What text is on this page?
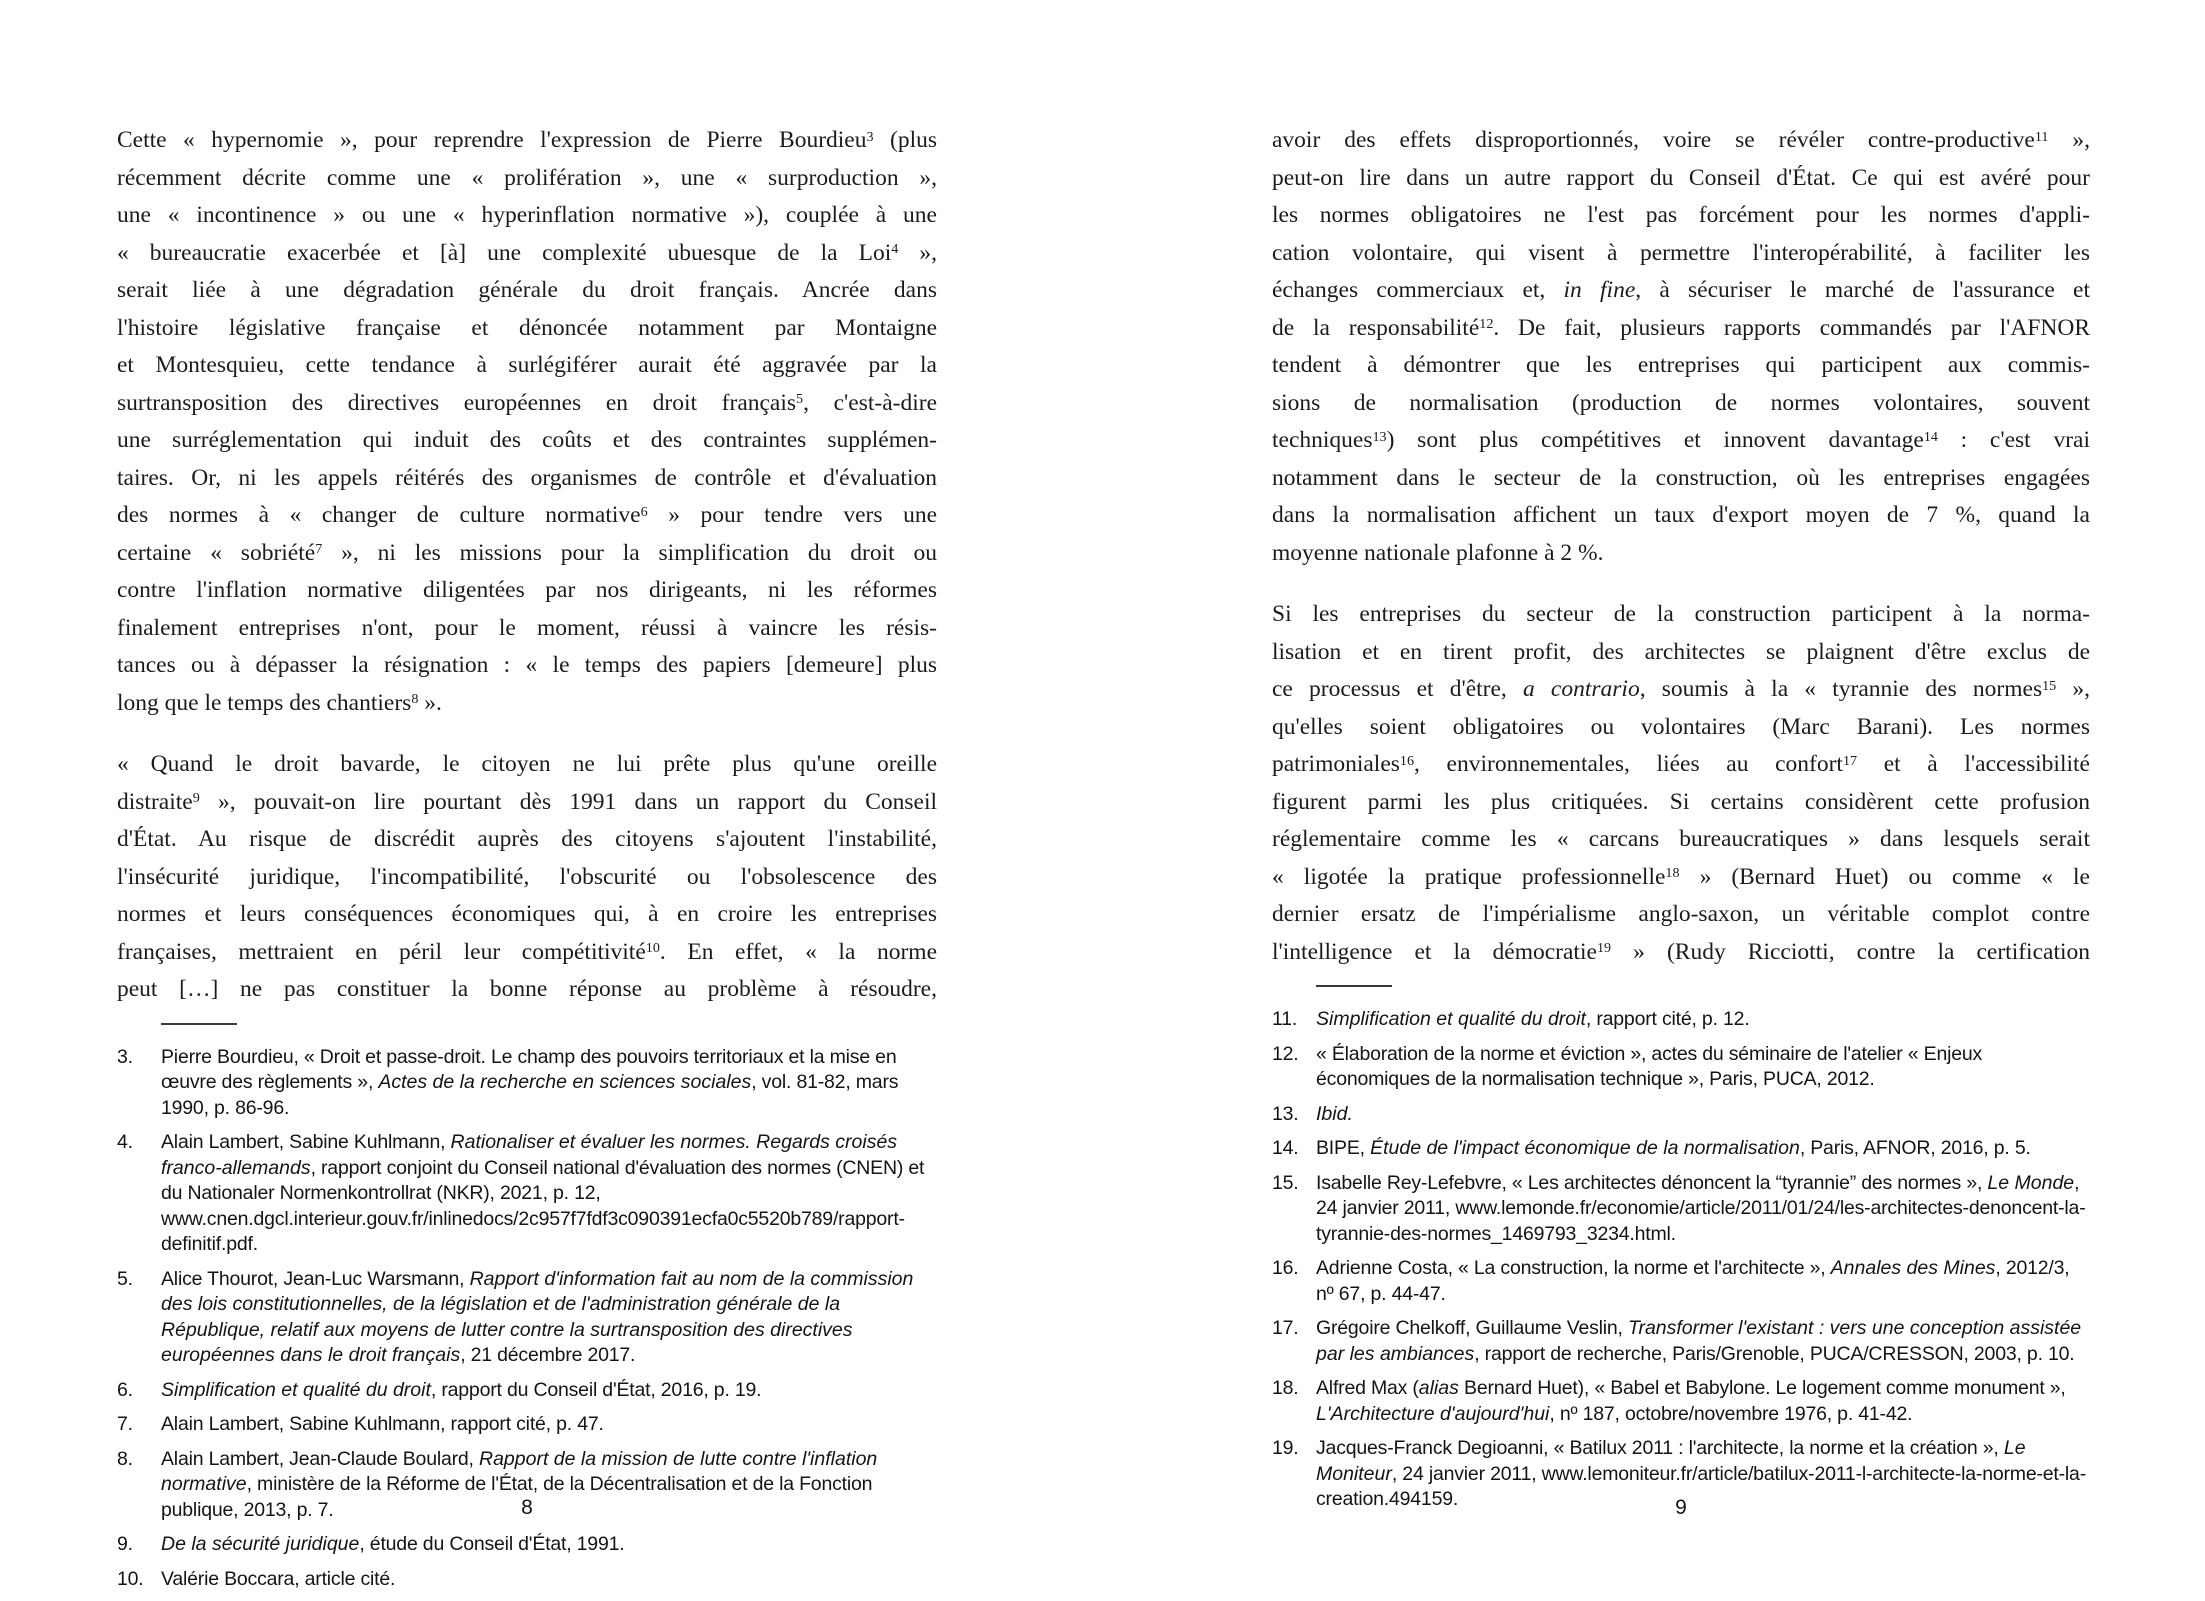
Cette « hypernomie », pour reprendre l'expression de Pierre Bourdieu$^3$ (plus
récemment décrite comme une « prolifération », une « surproduction »,
une « incontinence » ou une « hyperinflation normative »), couplée à une
« bureaucratie exacerbée et [à] une complexité ubuesque de la Loi$^4$ »,
serait liée à une dégradation générale du droit français. Ancrée dans
l'histoire législative française et dénoncée notamment par Montaigne
et Montesquieu, cette tendance à surlégiférer aurait été aggravée par la
surtransposition des directives européennes en droit français$^5$, c'est-à-dire
une surréglementation qui induit des coûts et des contraintes supplémen-
taires. Or, ni les appels réitérés des organismes de contrôle et d'évaluation
des normes à « changer de culture normative$^6$ » pour tendre vers une
certaine « sobriété$^7$ », ni les missions pour la simplification du droit ou
contre l'inflation normative diligentées par nos dirigeants, ni les réformes
finalement entreprises n'ont, pour le moment, réussi à vaincre les résis-
tances ou à dépasser la résignation : « le temps des papiers [demeure] plus
long que le temps des chantiers$^8$ ».
« Quand le droit bavarde, le citoyen ne lui prête plus qu'une oreille
distraite$^9$ », pouvait-on lire pourtant dès 1991 dans un rapport du Conseil
d'État. Au risque de discrédit auprès des citoyens s'ajoutent l'instabilité,
l'insécurité juridique, l'incompatibilité, l'obscurité ou l'obsolescence des
normes et leurs conséquences économiques qui, à en croire les entreprises
françaises, mettraient en péril leur compétitivité$^{10}$. En effet, « la norme
peut […] ne pas constituer la bonne réponse au problème à résoudre,
3.	Pierre Bourdieu, « Droit et passe-droit. Le champ des pouvoirs territoriaux et la mise en œuvre des règlements », Actes de la recherche en sciences sociales, vol. 81-82, mars 1990, p. 86-96.
4.	Alain Lambert, Sabine Kuhlmann, Rationaliser et évaluer les normes. Regards croisés franco-allemands, rapport conjoint du Conseil national d'évaluation des normes (CNEN) et du Nationaler Normenkontrollrat (NKR), 2021, p. 12, www.cnen.dgcl.interieur.gouv.fr/inlinedocs/2c957f7fdf3c090391ecfa0c5520b789/rapport-definitif.pdf.
5.	Alice Thourot, Jean-Luc Warsmann, Rapport d'information fait au nom de la commission des lois constitutionnelles, de la législation et de l'administration générale de la République, relatif aux moyens de lutter contre la surtransposition des directives européennes dans le droit français, 21 décembre 2017.
6.	Simplification et qualité du droit, rapport du Conseil d'État, 2016, p. 19.
7.	Alain Lambert, Sabine Kuhlmann, rapport cité, p. 47.
8.	Alain Lambert, Jean-Claude Boulard, Rapport de la mission de lutte contre l'inflation normative, ministère de la Réforme de l'État, de la Décentralisation et de la Fonction publique, 2013, p. 7.
9.	De la sécurité juridique, étude du Conseil d'État, 1991.
10. Valérie Boccara, article cité.
8
avoir des effets disproportionnés, voire se révéler contre-productive$^{11}$ »,
peut-on lire dans un autre rapport du Conseil d'État. Ce qui est avéré pour
les normes obligatoires ne l'est pas forcément pour les normes d'appli-
cation volontaire, qui visent à permettre l'interopérabilité, à faciliter les
échanges commerciaux et, in fine, à sécuriser le marché de l'assurance et
de la responsabilité$^{12}$. De fait, plusieurs rapports commandés par l'AFNOR
tendent à démontrer que les entreprises qui participent aux commis-
sions de normalisation (production de normes volontaires, souvent
techniques$^{13}$) sont plus compétitives et innovent davantage$^{14}$ : c'est vrai
notamment dans le secteur de la construction, où les entreprises engagées
dans la normalisation affichent un taux d'export moyen de 7 %, quand la
moyenne nationale plafonne à 2 %.
Si les entreprises du secteur de la construction participent à la norma-
lisation et en tirent profit, des architectes se plaignent d'être exclus de
ce processus et d'être, a contrario, soumis à la « tyrannie des normes$^{15}$ »,
qu'elles soient obligatoires ou volontaires (Marc Barani). Les normes
patrimoniales$^{16}$, environnementales, liées au confort$^{17}$ et à l'accessibilité
figurent parmi les plus critiquées. Si certains considèrent cette profusion
réglementaire comme les « carcans bureaucratiques » dans lesquels serait
« ligotée la pratique professionnelle$^{18}$ » (Bernard Huet) ou comme « le
dernier ersatz de l'impérialisme anglo-saxon, un véritable complot contre
l'intelligence et la démocratie$^{19}$ » (Rudy Ricciotti, contre la certification
11. Simplification et qualité du droit, rapport cité, p. 12.
12. « Élaboration de la norme et éviction », actes du séminaire de l'atelier « Enjeux économiques de la normalisation technique », Paris, PUCA, 2012.
13. Ibid.
14. BIPE, Étude de l'impact économique de la normalisation, Paris, AFNOR, 2016, p. 5.
15. Isabelle Rey-Lefebvre, « Les architectes dénoncent la “tyrannie” des normes », Le Monde, 24 janvier 2011, www.lemonde.fr/economie/article/2011/01/24/les-architectes-denoncent-la-tyrannie-des-normes_1469793_3234.html.
16. Adrienne Costa, « La construction, la norme et l'architecte », Annales des Mines, 2012/3, nº 67, p. 44-47.
17. Grégoire Chelkoff, Guillaume Veslin, Transformer l'existant : vers une conception assistée par les ambiances, rapport de recherche, Paris/Grenoble, PUCA/CRESSON, 2003, p. 10.
18. Alfred Max (alias Bernard Huet), « Babel et Babylone. Le logement comme monument », L'Architecture d'aujourd'hui, nº 187, octobre/novembre 1976, p. 41-42.
19. Jacques-Franck Degioanni, « Batilux 2011 : l'architecte, la norme et la création », Le Moniteur, 24 janvier 2011, www.lemoniteur.fr/article/batilux-2011-l-architecte-la-norme-et-la-creation.494159.	9
